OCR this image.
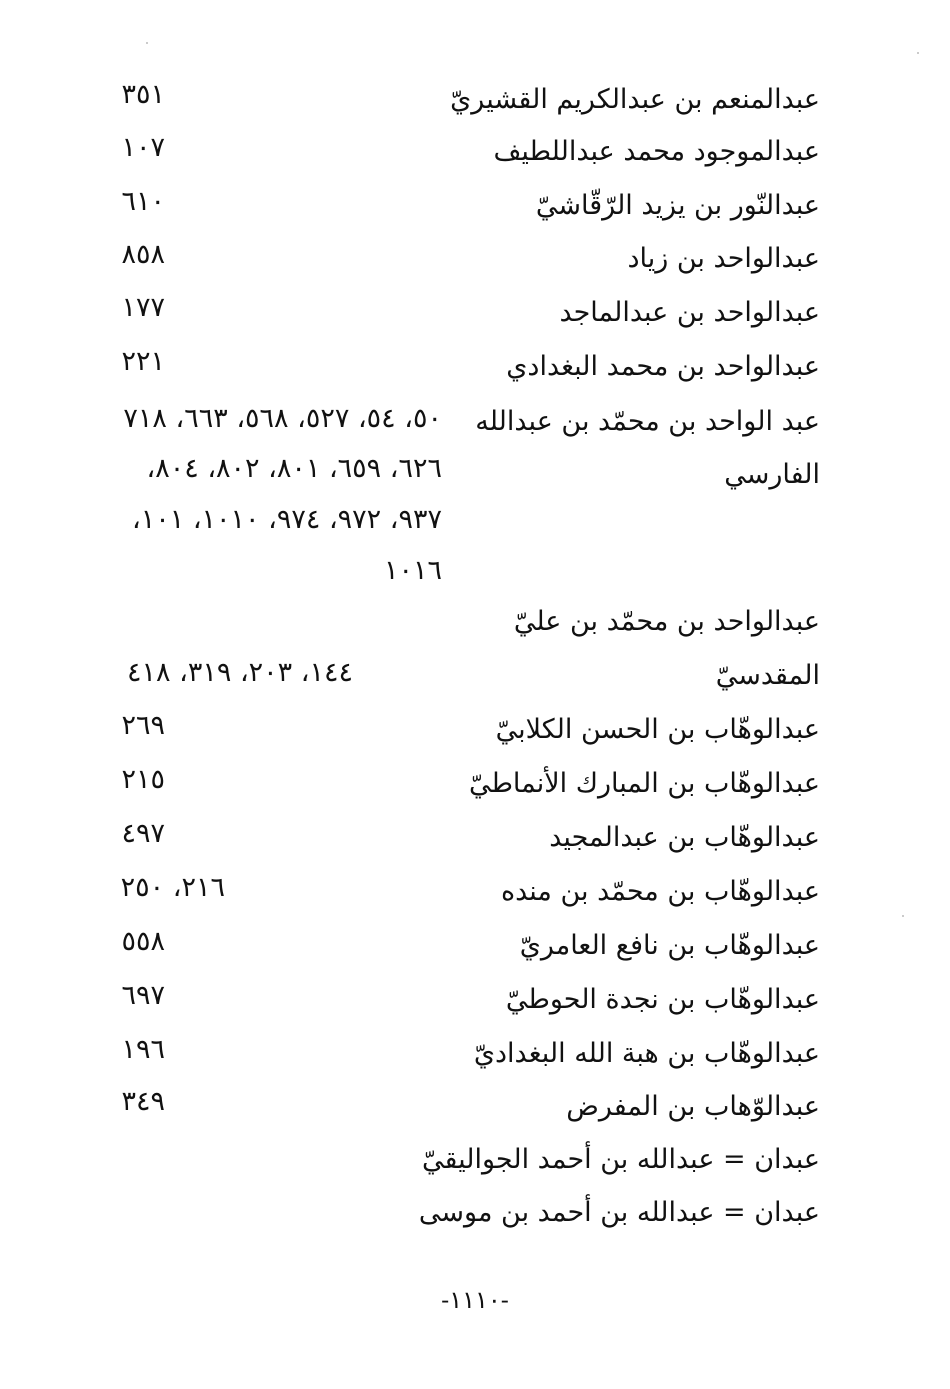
عبدالمنعم بن عبدالكريم القشيريّ
٣٥١
عبدالموجود محمد عبداللطيف
١٠٧
عبدالنّور بن يزيد الرّقّاشيّ
٦١٠
عبدالواحد بن زياد
٨٥٨
عبدالواحد بن عبدالماجد
١٧٧
عبدالواحد بن محمد البغدادي
٢٢١
عبد الواحد بن محمّد بن عبدالله
الفارسي
٥٠، ٥٤، ٥٢٧، ٥٦٨، ٦٦٣، ٧١٨
٦٢٦، ٦٥٩، ٨٠١، ٨٠٢، ٨٠٤،
٩٣٧، ٩٧٢، ٩٧٤، ١٠١٠، ١٠١،
١٠١٦
عبدالواحد بن محمّد بن عليّ
المقدسيّ
١٤٤، ٢٠٣، ٣١٩، ٤١٨
عبدالوهّاب بن الحسن الكلابيّ
٢٦٩
عبدالوهّاب بن المبارك الأنماطيّ
٢١٥
عبدالوهّاب بن عبدالمجيد
٤٩٧
عبدالوهّاب بن محمّد بن منده
٢١٦، ٢٥٠
عبدالوهّاب بن نافع العامريّ
٥٥٨
عبدالوهّاب بن نجدة الحوطيّ
٦٩٧
عبدالوهّاب بن هبة الله البغداديّ
١٩٦
عبدالوّهاب بن المفرض
٣٤٩
عبدان = عبدالله بن أحمد الجواليقيّ
عبدان = عبدالله بن أحمد بن موسى
-١١١٠-
